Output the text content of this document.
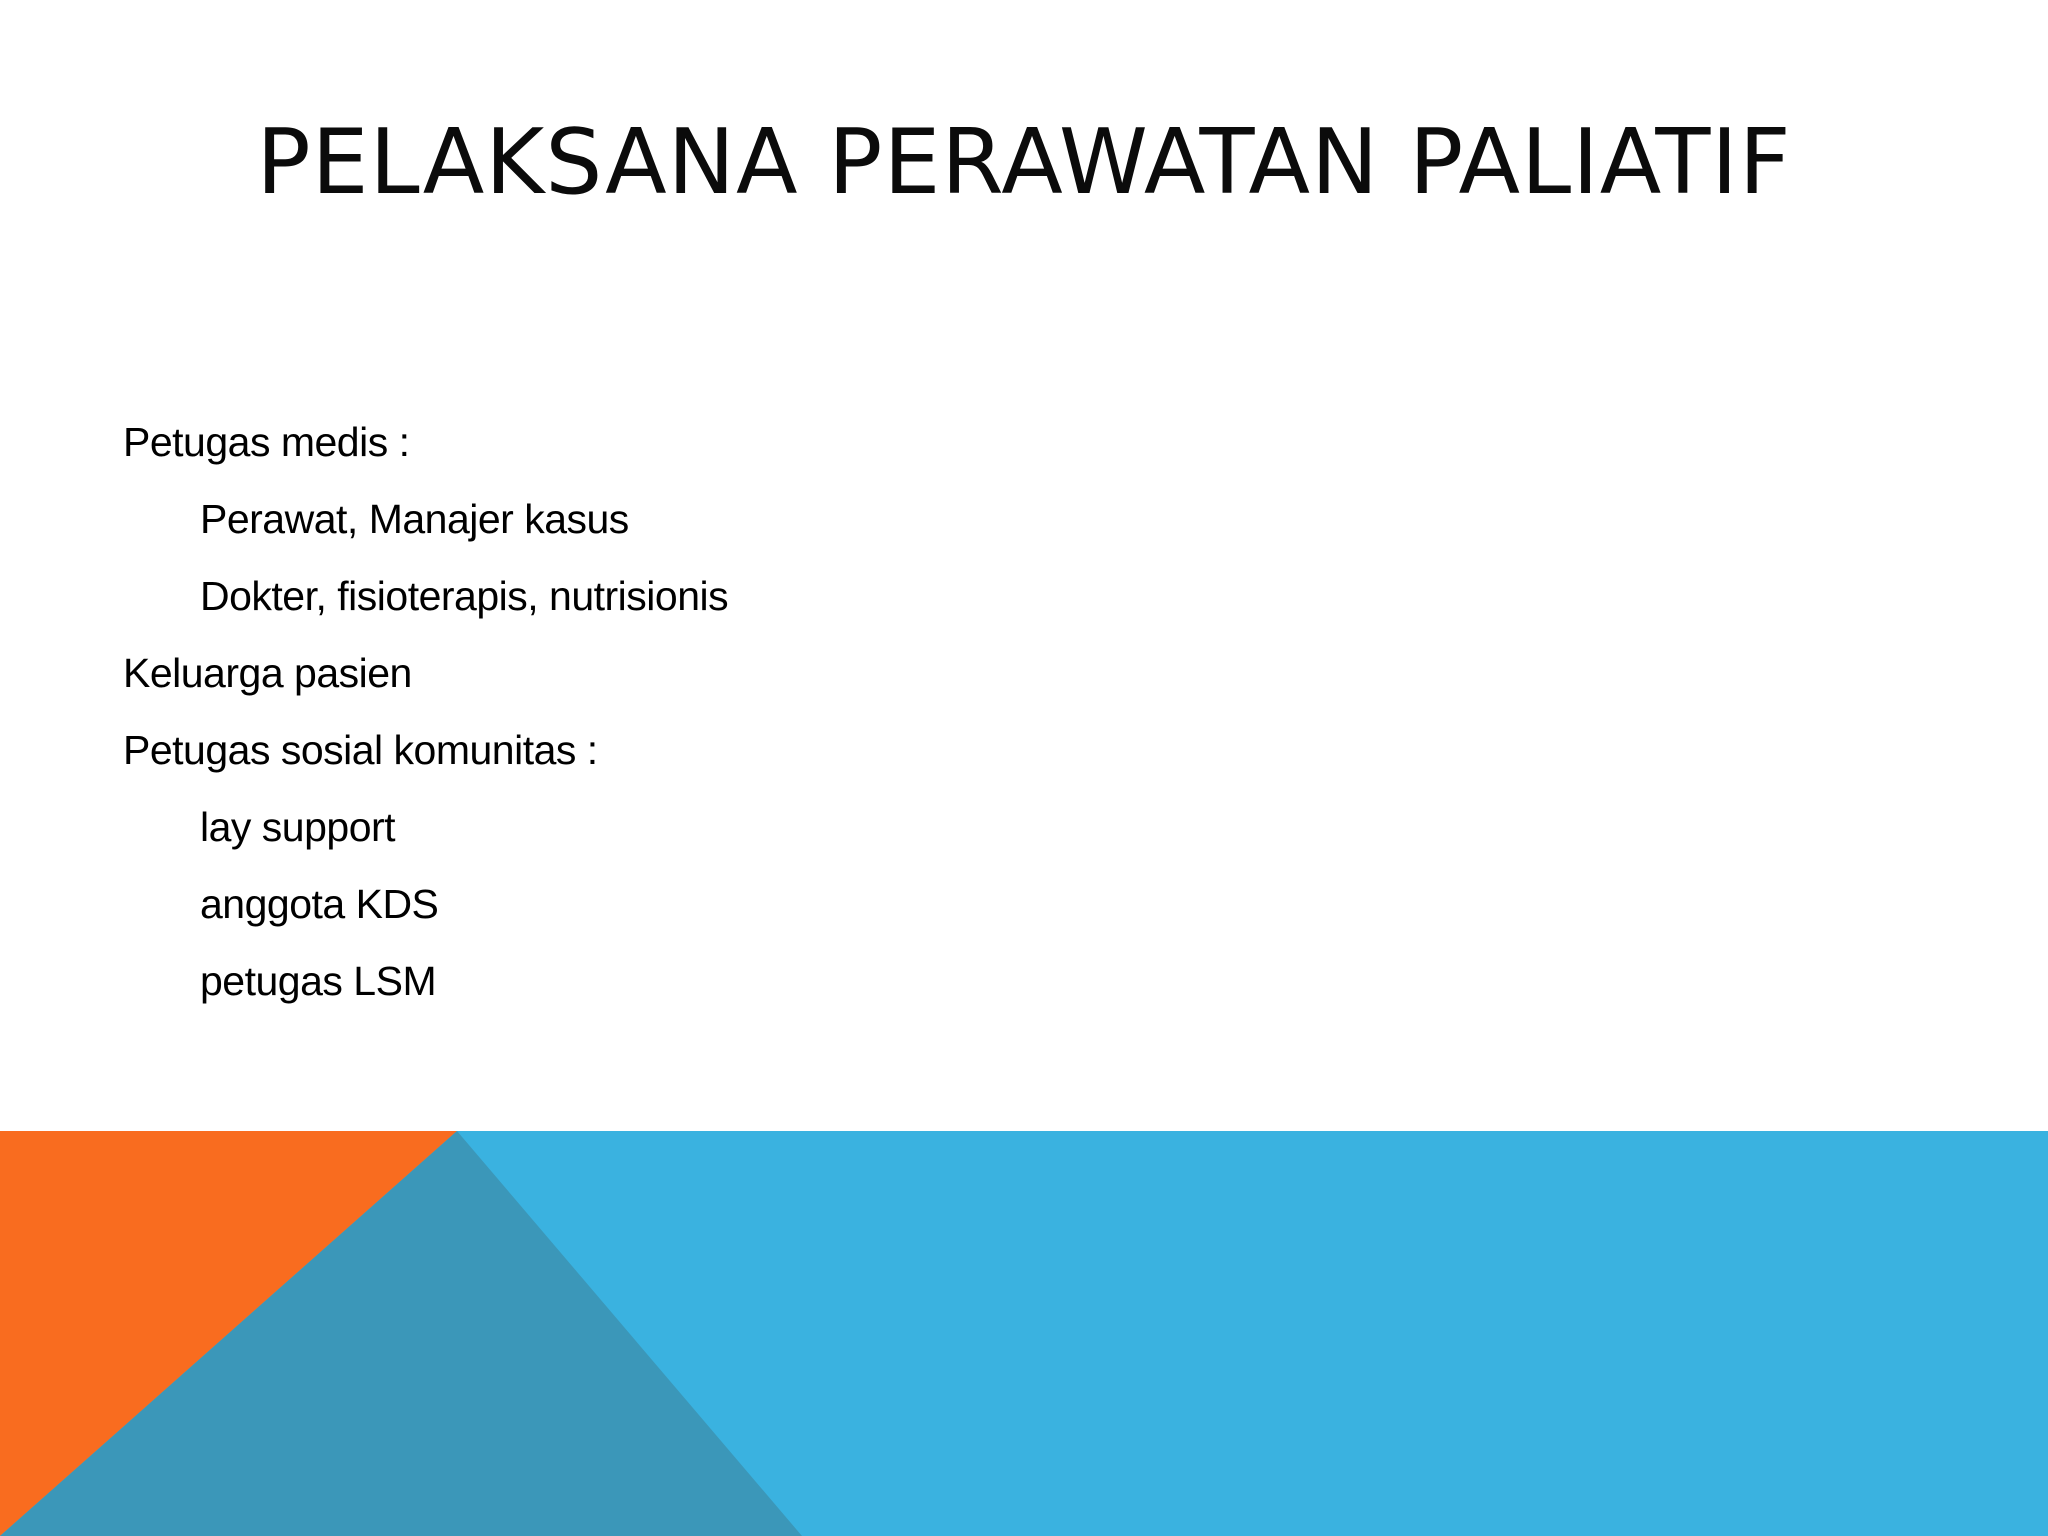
PELAKSANA PERAWATAN PALIATIF
Petugas medis :
Perawat, Manajer kasus
Dokter, fisioterapis, nutrisionis
Keluarga pasien
Petugas sosial komunitas :
lay support
anggota KDS
petugas LSM
